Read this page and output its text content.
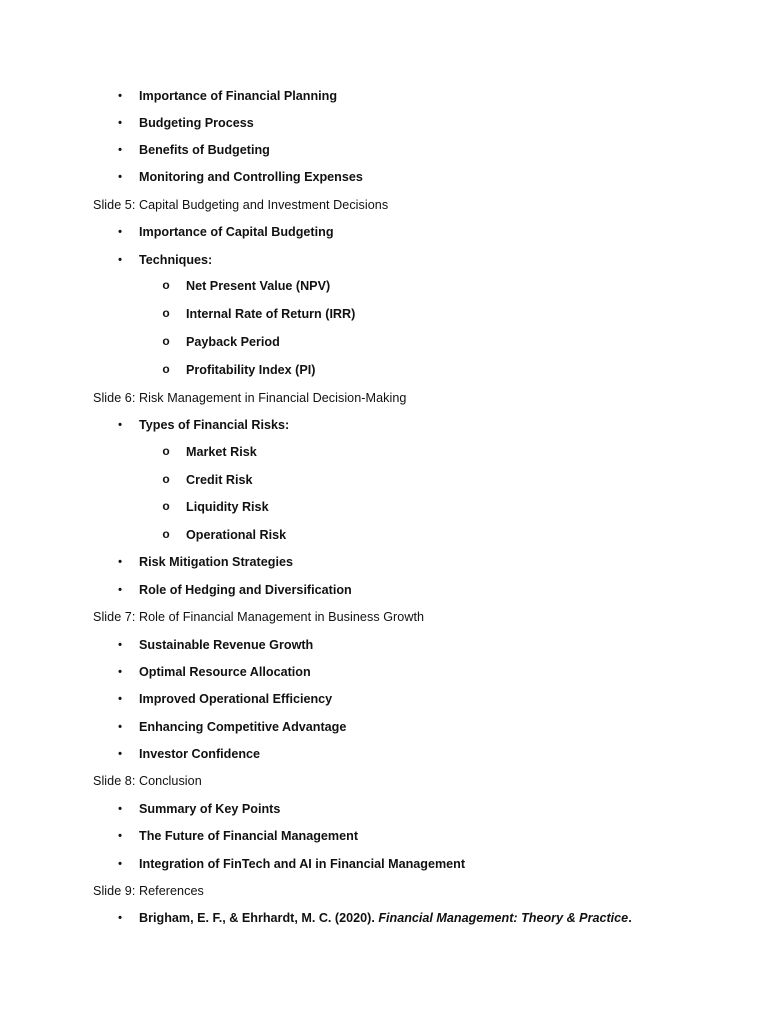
•	Importance of Financial Planning
•	Budgeting Process
•	Benefits of Budgeting
•	Monitoring and Controlling Expenses
Slide 5: Capital Budgeting and Investment Decisions
•	Importance of Capital Budgeting
•	Techniques:
o Net Present Value (NPV)
o Internal Rate of Return (IRR)
o Payback Period
o Profitability Index (PI)
Slide 6: Risk Management in Financial Decision-Making
•	Types of Financial Risks:
o Market Risk
o Credit Risk
o Liquidity Risk
o Operational Risk
•	Risk Mitigation Strategies
•	Role of Hedging and Diversification
Slide 7: Role of Financial Management in Business Growth
•	Sustainable Revenue Growth
•	Optimal Resource Allocation
•	Improved Operational Efficiency
•	Enhancing Competitive Advantage
•	Investor Confidence
Slide 8: Conclusion
•	Summary of Key Points
•	The Future of Financial Management
•	Integration of FinTech and AI in Financial Management
Slide 9: References
•	Brigham, E. F., & Ehrhardt, M. C. (2020). Financial Management: Theory & Practice.
